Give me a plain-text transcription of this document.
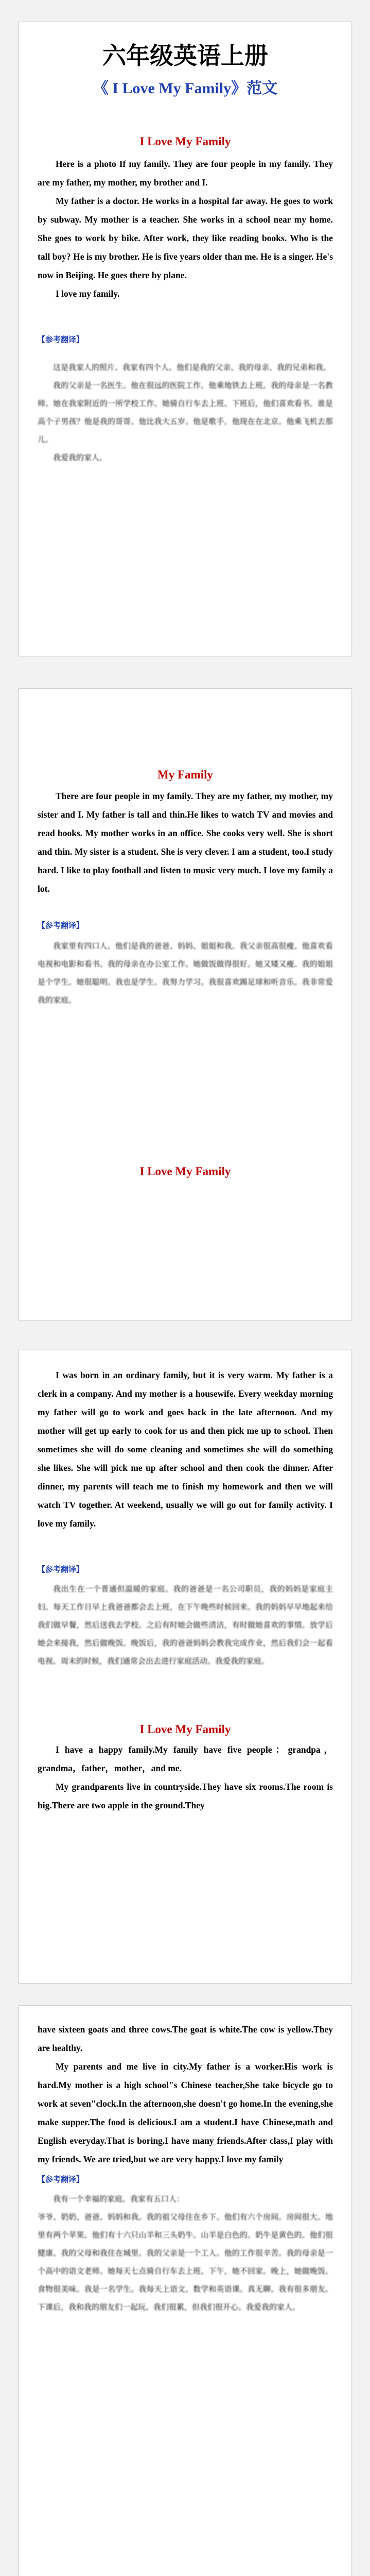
六年级英语上册
《 I Love My Family》范文
I Love My Family

Here is a photo If my family. They are four people in my family. They are my father, my mother, my brother and I.

My father is a doctor. He works in a hospital far away. He goes to work by subway. My mother is a teacher. She works in a school near my home. She goes to work by bike. After work, they like reading books. Who is the tall boy? He is my brother. He is five years older than me. He is a singer. He's now in Beijing. He goes there by plane.

I love my family.

【参考翻译】

这是我家人的照片。我家有四个人。他们是我的父亲、我的母亲、我的兄弟和我。

我的父亲是一名医生。他在很远的医院工作。他乘地铁去上班。我的母亲是一名教师。她在我家附近的一所学校工作。她骑自行车去上班。下班后，他们喜欢看书。谁是高个子男孩？他是我的哥哥。他比我大五岁。他是歌手。他现在在北京。他乘飞机去那儿。

我爱我的家人。

My Family

There are four people in my family. They are my father, my mother, my sister and I. My father is tall and thin.He likes to watch TV and movies and read books. My mother works in an office. She cooks very well. She is short and thin. My sister is a student. She is very clever. I am a student, too.I study hard. I like to play football and listen to music very much. I love my family a lot.

【参考翻译】

我家里有四口人。他们是我的爸爸、妈妈、姐姐和我。我父亲很高很瘦。他喜欢看电视和电影和看书。我的母亲在办公室工作。她做饭做得很好。她又矮又瘦。我的姐姐是个学生。她很聪明。我也是学生。我努力学习。我很喜欢踢足球和听音乐。我非常爱我的家庭。

I Love My Family

I was born in an ordinary family, but it is very warm. My father is a clerk in a company. And my mother is a housewife. Every weekday morning my father will go to work and goes back in the late afternoon. And my mother will get up early to cook for us and then pick me up to school. Then sometimes she will do some cleaning and sometimes she will do something she likes. She will pick me up after school and then cook the dinner. After dinner, my parents will teach me to finish my homework and then we will watch TV together. At weekend, usually we will go out for family activity. I love my family.

【参考翻译】

我出生在一个普通但温暖的家庭。我的爸爸是一名公司职员，我的妈妈是家庭主妇。每天工作日早上我爸爸都会去上班，在下午晚些时候回来。我的妈妈早早地起来给我们做早餐，然后送我去学校。之后有时她会做些清洁，有时做她喜欢的事情。放学后她会来接我，然后做晚饭。晚饭后，我的爸爸妈妈会教我完成作业，然后我们会一起看电视。周末的时候，我们通常会出去进行家庭活动。我爱我的家庭。

I Love My Family

I have a happy family.My family have five people：grandpa，grandma，father，mother，and me.

My grandparents live in countryside.They have six rooms.The room is big.There are two apple in the ground.They

have sixteen goats and three cows.The goat is white.The cow is yellow.They are healthy.

My parents and me live in city.My father is a worker.His work is hard.My mother is a high school"s Chinese teacher,She take bicycle go to work at seven"clock.In the afternoon,she doesn't go home.In the evening,she make supper.The food is delicious.I am a student.I have Chinese,math and English everyday.That is boring.I have many friends.After class,I play with my friends. We are tried,but we are very happy.I love my family

【参考翻译】

我有一个幸福的家庭。我家有五口人：

爷爷、奶奶、爸爸、妈妈和我。我的祖父母住在乡下。他们有六个房间。房间很大。地里有两个苹果。他们有十六只山羊和三头奶牛。山羊是白色的。奶牛是黄色的。他们很健康。我的父母和我住在城里。我的父亲是一个工人。他的工作很辛苦。我的母亲是一个高中的语文老师。她每天七点骑自行车去上班。下午，她不回家。晚上，她做晚饭。食物很美味。我是一名学生。我每天上语文、数学和英语课。真无聊。我有很多朋友。下课后，我和我的朋友们一起玩。我们很累，但我们很开心。我爱我的家人。
